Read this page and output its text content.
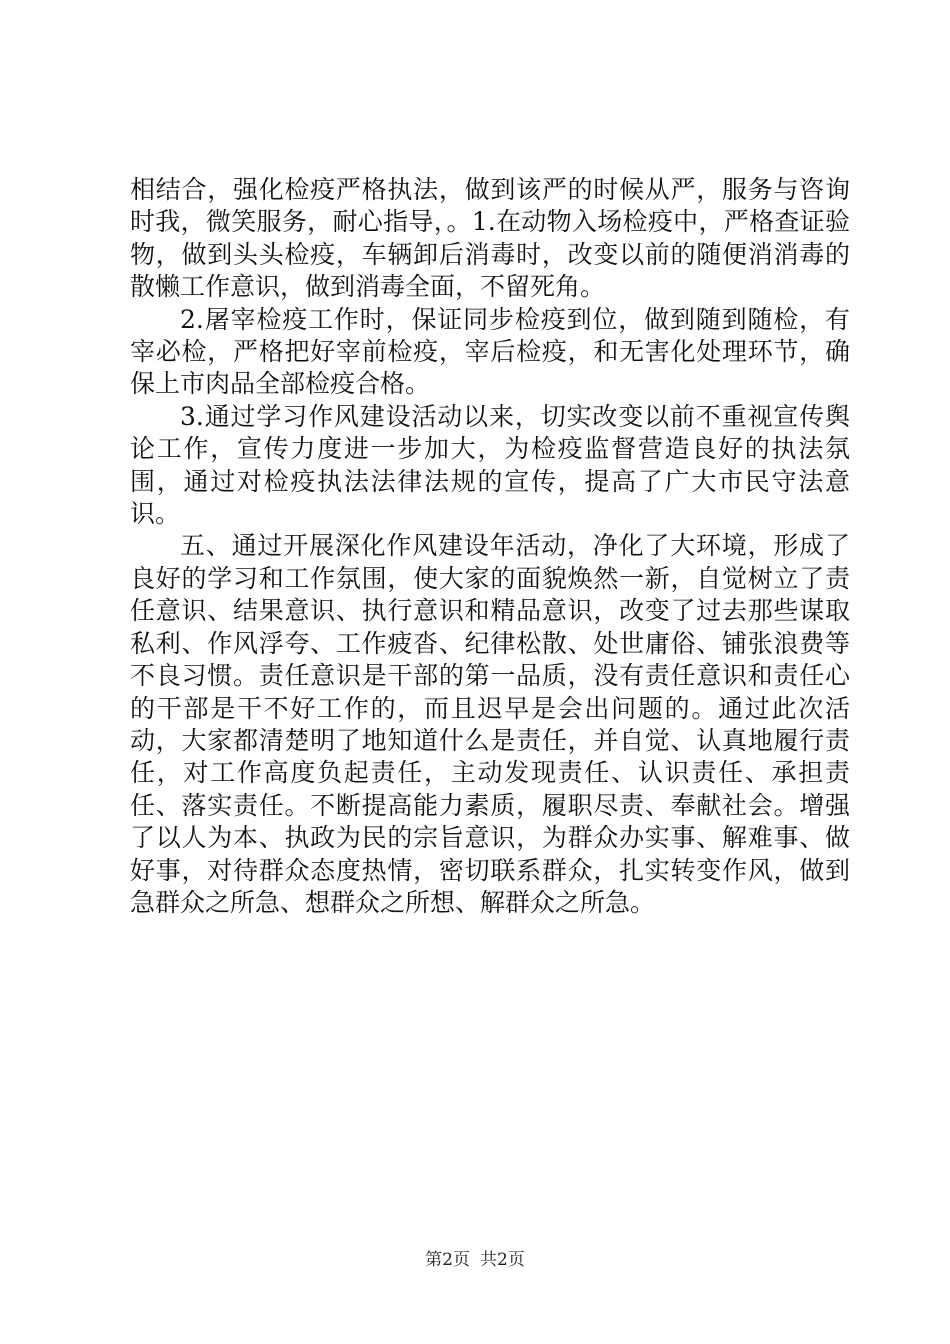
相结合，强化检疫严格执法，做到该严的时候从严，服务与咨询时我，微笑服务，耐心指导，。1.在动物入场检疫中，严格查证验物，做到头头检疫，车辆卸后消毒时，改变以前的随便消消毒的散懒工作意识，做到消毒全面，不留死角。

2.屠宰检疫工作时，保证同步检疫到位，做到随到随检，有宰必检，严格把好宰前检疫，宰后检疫，和无害化处理环节，确保上市肉品全部检疫合格。

3.通过学习作风建设活动以来，切实改变以前不重视宣传舆论工作，宣传力度进一步加大，为检疫监督营造良好的执法氛围，通过对检疫执法法律法规的宣传，提高了广大市民守法意识。

五、通过开展深化作风建设年活动，净化了大环境，形成了良好的学习和工作氛围，使大家的面貌焕然一新，自觉树立了责任意识、结果意识、执行意识和精品意识，改变了过去那些谋取私利、作风浮夸、工作疲沓、纪律松散、处世庸俗、铺张浪费等不良习惯。责任意识是干部的第一品质，没有责任意识和责任心的干部是干不好工作的，而且迟早是会出问题的。通过此次活动，大家都清楚明了地知道什么是责任，并自觉、认真地履行责任，对工作高度负起责任，主动发现责任、认识责任、承担责任、落实责任。不断提高能力素质，履职尽责、奉献社会。增强了以人为本、执政为民的宗旨意识，为群众办实事、解难事、做好事，对待群众态度热情，密切联系群众，扎实转变作风，做到急群众之所急、想群众之所想、解群众之所急。

第2页 共2页
